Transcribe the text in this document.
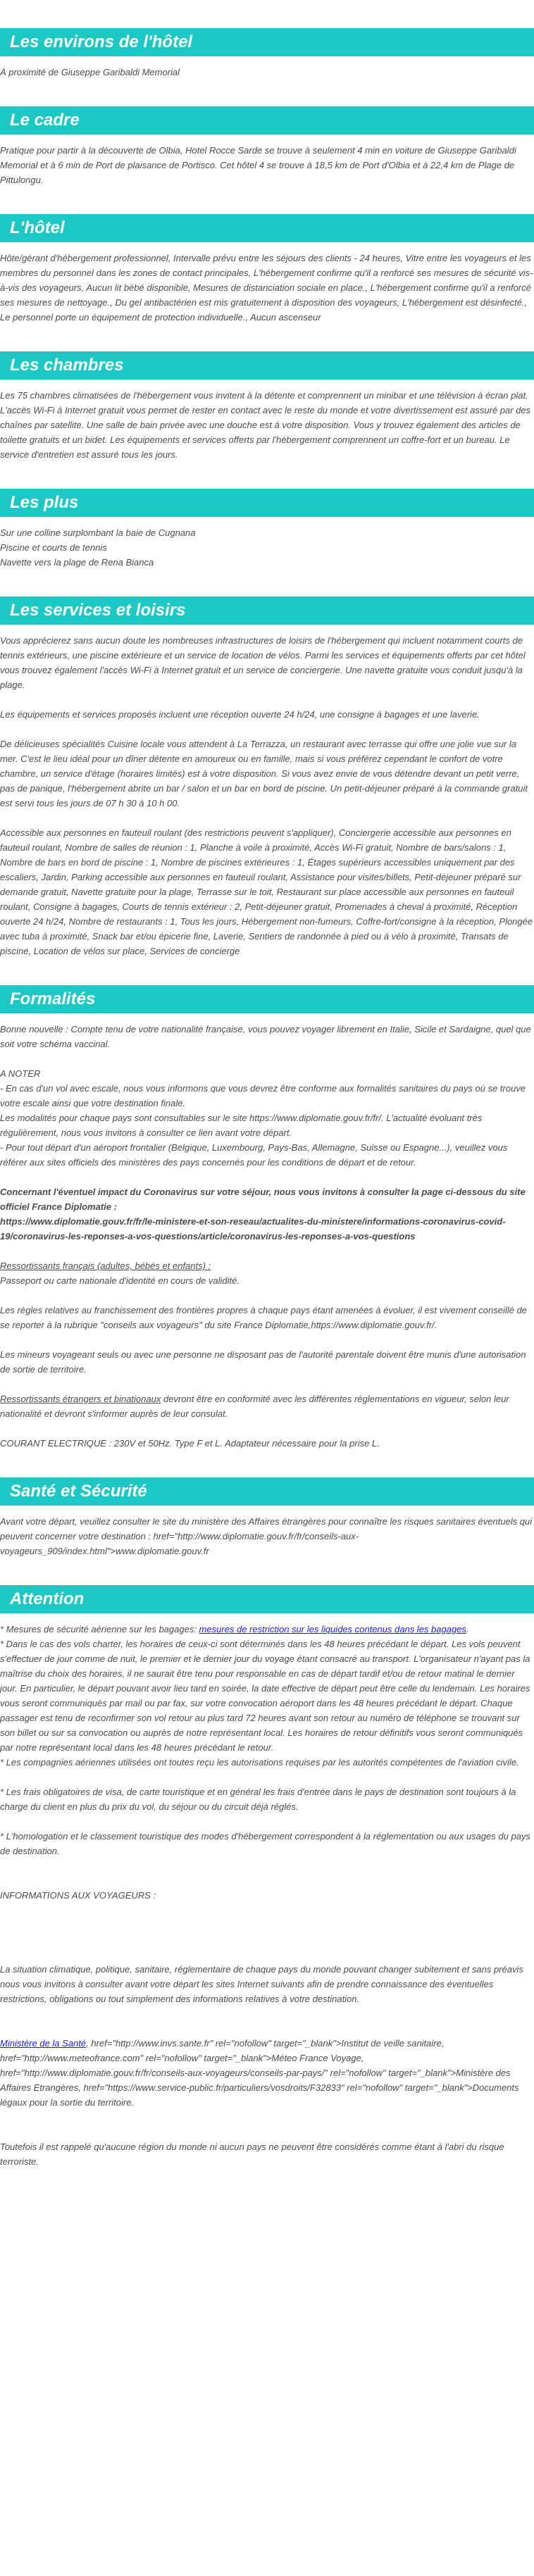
Les environs de l'hôtel

À proximité de Giuseppe Garibaldi Memorial

Le cadre

Pratique pour partir à la découverte de Olbia, Hotel Rocce Sarde se trouve à seulement 4 min en voiture de Giuseppe Garibaldi Memorial et à 6 min de Port de plaisance de Portisco. Cet hôtel 4 se trouve à 18,5 km de Port d'Olbia et à 22,4 km de Plage de Pittulongu.

L'hôtel

Hôte/gérant d'hébergement professionnel, Intervalle prévu entre les séjours des clients - 24 heures, Vitre entre les voyageurs et les membres du personnel dans les zones de contact principales, L'hébergement confirme qu'il a renforcé ses mesures de sécurité vis-à-vis des voyageurs, Aucun lit bébé disponible, Mesures de distanciation sociale en place., L'hébergement confirme qu'il a renforcé ses mesures de nettoyage., Du gel antibactérien est mis gratuitement à disposition des voyageurs, L'hébergement est désinfecté., Le personnel porte un équipement de protection individuelle., Aucun ascenseur

Les chambres

Les 75 chambres climatisées de l'hébergement vous invitent à la détente et comprennent un minibar et une télévision à écran plat. L'accès Wi-Fi à Internet gratuit vous permet de rester en contact avec le reste du monde et votre divertissement est assuré par des chaînes par satellite. Une salle de bain privée avec une douche est à votre disposition. Vous y trouvez également des articles de toilette gratuits et un bidet. Les équipements et services offerts par l'hébergement comprennent un coffre-fort et un bureau. Le service d'entretien est assuré tous les jours.

Les plus

Sur une colline surplombant la baie de Cugnana

Piscine et courts de tennis

Navette vers la plage de Rena Bianca

Les services et loisirs

Vous apprécierez sans aucun doute les nombreuses infrastructures de loisirs de l'hébergement qui incluent notamment courts de tennis extérieurs, une piscine extérieure et un service de location de vélos. Parmi les services et équipements offerts par cet hôtel vous trouvez également l'accès Wi-Fi à Internet gratuit et un service de conciergerie. Une navette gratuite vous conduit jusqu'à la plage.

Les équipements et services proposés incluent une réception ouverte 24 h/24, une consigne à bagages et une laverie.

De délicieuses spécialités Cuisine locale vous attendent à La Terrazza, un restaurant avec terrasse qui offre une jolie vue sur la mer. C'est le lieu idéal pour un dîner détente en amoureux ou en famille, mais si vous préférez cependant le confort de votre chambre, un service d'étage (horaires limités) est à votre disposition. Si vous avez envie de vous détendre devant un petit verre, pas de panique, l'hébergement abrite un bar / salon et un bar en bord de piscine. Un petit-déjeuner préparé à la commande gratuit est servi tous les jours de 07 h 30 à 10 h 00.

Accessible aux personnes en fauteuil roulant (des restrictions peuvent s'appliquer), Conciergerie accessible aux personnes en fauteuil roulant, Nombre de salles de réunion : 1, Planche à voile à proximité, Accès Wi-Fi gratuit, Nombre de bars/salons : 1, Nombre de bars en bord de piscine : 1, Nombre de piscines extérieures : 1, Étages supérieurs accessibles uniquement par des escaliers, Jardin, Parking accessible aux personnes en fauteuil roulant, Assistance pour visites/billets, Petit-déjeuner préparé sur demande gratuit, Navette gratuite pour la plage, Terrasse sur le toit, Restaurant sur place accessible aux personnes en fauteuil roulant, Consigne à bagages, Courts de tennis extérieur : 2, Petit-déjeuner gratuit, Promenades à cheval à proximité, Réception ouverte 24 h/24, Nombre de restaurants : 1, Tous les jours, Hébergement non-fumeurs, Coffre-fort/consigne à la réception, Plongée avec tuba à proximité, Snack bar et/ou épicerie fine, Laverie, Sentiers de randonnée à pied ou à vélo à proximité, Transats de piscine, Location de vélos sur place, Services de concierge

Formalités

Bonne nouvelle : Compte tenu de votre nationalité française, vous pouvez voyager librement en Italie, Sicile et Sardaigne, quel que soit votre schéma vaccinal.

A NOTER

- En cas d'un vol avec escale, nous vous informons que vous devrez être conforme aux formalités sanitaires du pays où se trouve votre escale ainsi que votre destination finale.

Les modalités pour chaque pays sont consultables sur le site https://www.diplomatie.gouv.fr/fr/. L'actualité évoluant très régulièrement, nous vous invitons à consulter ce lien avant votre départ.

- Pour tout départ d'un aéroport frontalier (Belgique, Luxembourg, Pays-Bas, Allemagne, Suisse ou Espagne...), veuillez vous référer aux sites officiels des ministères des pays concernés pour les conditions de départ et de retour.

Concernant l'éventuel impact du Coronavirus sur votre séjour, nous vous invitons à consulter la page ci-dessous du site officiel France Diplomatie :

https://www.diplomatie.gouv.fr/fr/le-ministere-et-son-reseau/actualites-du-ministere/informations-coronavirus-covid-19/coronavirus-les-reponses-a-vos-questions/article/coronavirus-les-reponses-a-vos-questions

Ressortissants français (adultes, bébés et enfants) :

Passeport ou carte nationale d'identité en cours de validité.

Les règles relatives au franchissement des frontières propres à chaque pays étant amenées à évoluer, il est vivement conseillé de se reporter à la rubrique "conseils aux voyageurs" du site France Diplomatie,https://www.diplomatie.gouv.fr/.

Les mineurs voyageant seuls ou avec une personne ne disposant pas de l'autorité parentale doivent être munis d'une autorisation de sortie de territoire.

Ressortissants étrangers et binationaux devront être en conformité avec les différentes réglementations en vigueur, selon leur nationalité et devront s'informer auprès de leur consulat.

COURANT ELECTRIQUE : 230V et 50Hz. Type F et L. Adaptateur nécessaire pour la prise L.

Santé et Sécurité

Avant votre départ, veuillez consulter le site du ministère des Affaires étrangères pour connaître les risques sanitaires éventuels qui peuvent concerner votre destination : href="http://www.diplomatie.gouv.fr/fr/conseils-aux-voyageurs_909/index.html">www.diplomatie.gouv.fr

Attention

* Mesures de sécurité aérienne sur les bagages: mesures de restriction sur les liquides contenus dans les bagages.

* Dans le cas des vols charter, les horaires de ceux-ci sont déterminés dans les 48 heures précédant le départ. Les vols peuvent s'effectuer de jour comme de nuit, le premier et le dernier jour du voyage étant consacré au transport. L'organisateur n'ayant pas la maîtrise du choix des horaires, il ne saurait être tenu pour responsable en cas de départ tardif et/ou de retour matinal le dernier jour. En particulier, le départ pouvant avoir lieu tard en soirée, la date effective de départ peut être celle du lendemain. Les horaires vous seront communiqués par mail ou par fax, sur votre convocation aéroport dans les 48 heures précédant le départ. Chaque passager est tenu de reconfirmer son vol retour au plus tard 72 heures avant son retour au numéro de téléphone se trouvant sur son billet ou sur sa convocation ou auprès de notre représentant local. Les horaires de retour définitifs vous seront communiqués par notre représentant local dans les 48 heures précédant le retour.

* Les compagnies aériennes utilisées ont toutes reçu les autorisations requises par les autorités compétentes de l'aviation civile.

* Les frais obligatoires de visa, de carte touristique et en général les frais d'entrée dans le pays de destination sont toujours à la charge du client en plus du prix du vol, du séjour ou du circuit déjà réglés.

* L'homologation et le classement touristique des modes d'hébergement correspondent à la réglementation ou aux usages du pays de destination.

INFORMATIONS AUX VOYAGEURS :

La situation climatique, politique, sanitaire, réglementaire de chaque pays du monde pouvant changer subitement et sans préavis

nous vous invitons à consulter avant votre départ les sites Internet suivants afin de prendre connaissance des éventuelles restrictions, obligations ou tout simplement des informations relatives à votre destination.

Ministère de la Santé, href="http://www.invs.sante.fr" rel="nofollow" target="_blank">Institut de veille sanitaire, href="http://www.meteofrance.com" rel="nofollow" target="_blank">Méteo France Voyage, href="http://www.diplomatie.gouv.fr/fr/conseils-aux-voyageurs/conseils-par-pays/" rel="nofollow" target="_blank">Ministère des Affaires Etrangères, href="https://www.service-public.fr/particuliers/vosdroits/F32833" rel="nofollow" target="_blank">Documents légaux pour la sortie du territoire.

Toutefois il est rappelé qu'aucune région du monde ni aucun pays ne peuvent être considérés comme étant à l'abri du risque terroriste.
